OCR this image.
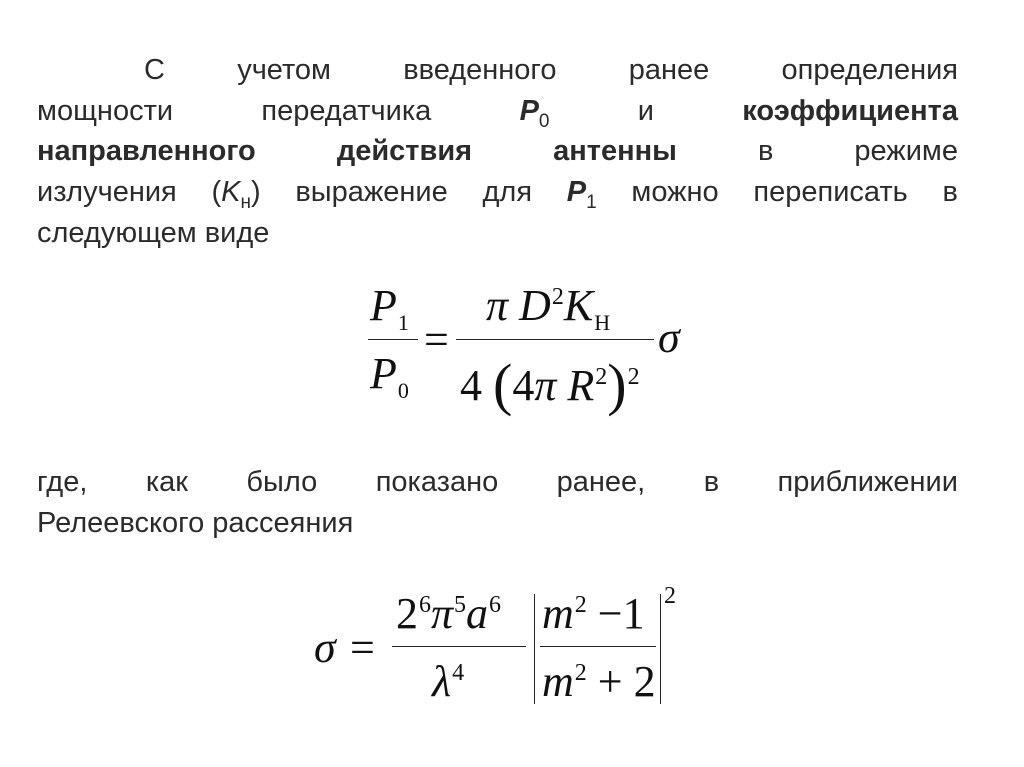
С учетом введенного ранее определения
мощности	передатчика	$P_0$	и	коэффициента
направленного	действия	антенны	в	режиме
излучения $(K_н)$ выражение для $P_1$ можно переписать в
следующем виде
$P_1$
$P_0$
=
π $D^2K_Н$
4 (4π $R^2)^2$
σ
где, как было показано ранее, в приближении
Релеевского рассеяния
σ =
$2^6\pi^5a^6$
$\lambda^4$
$m^2 -1$
$m^2 + 2$
2
